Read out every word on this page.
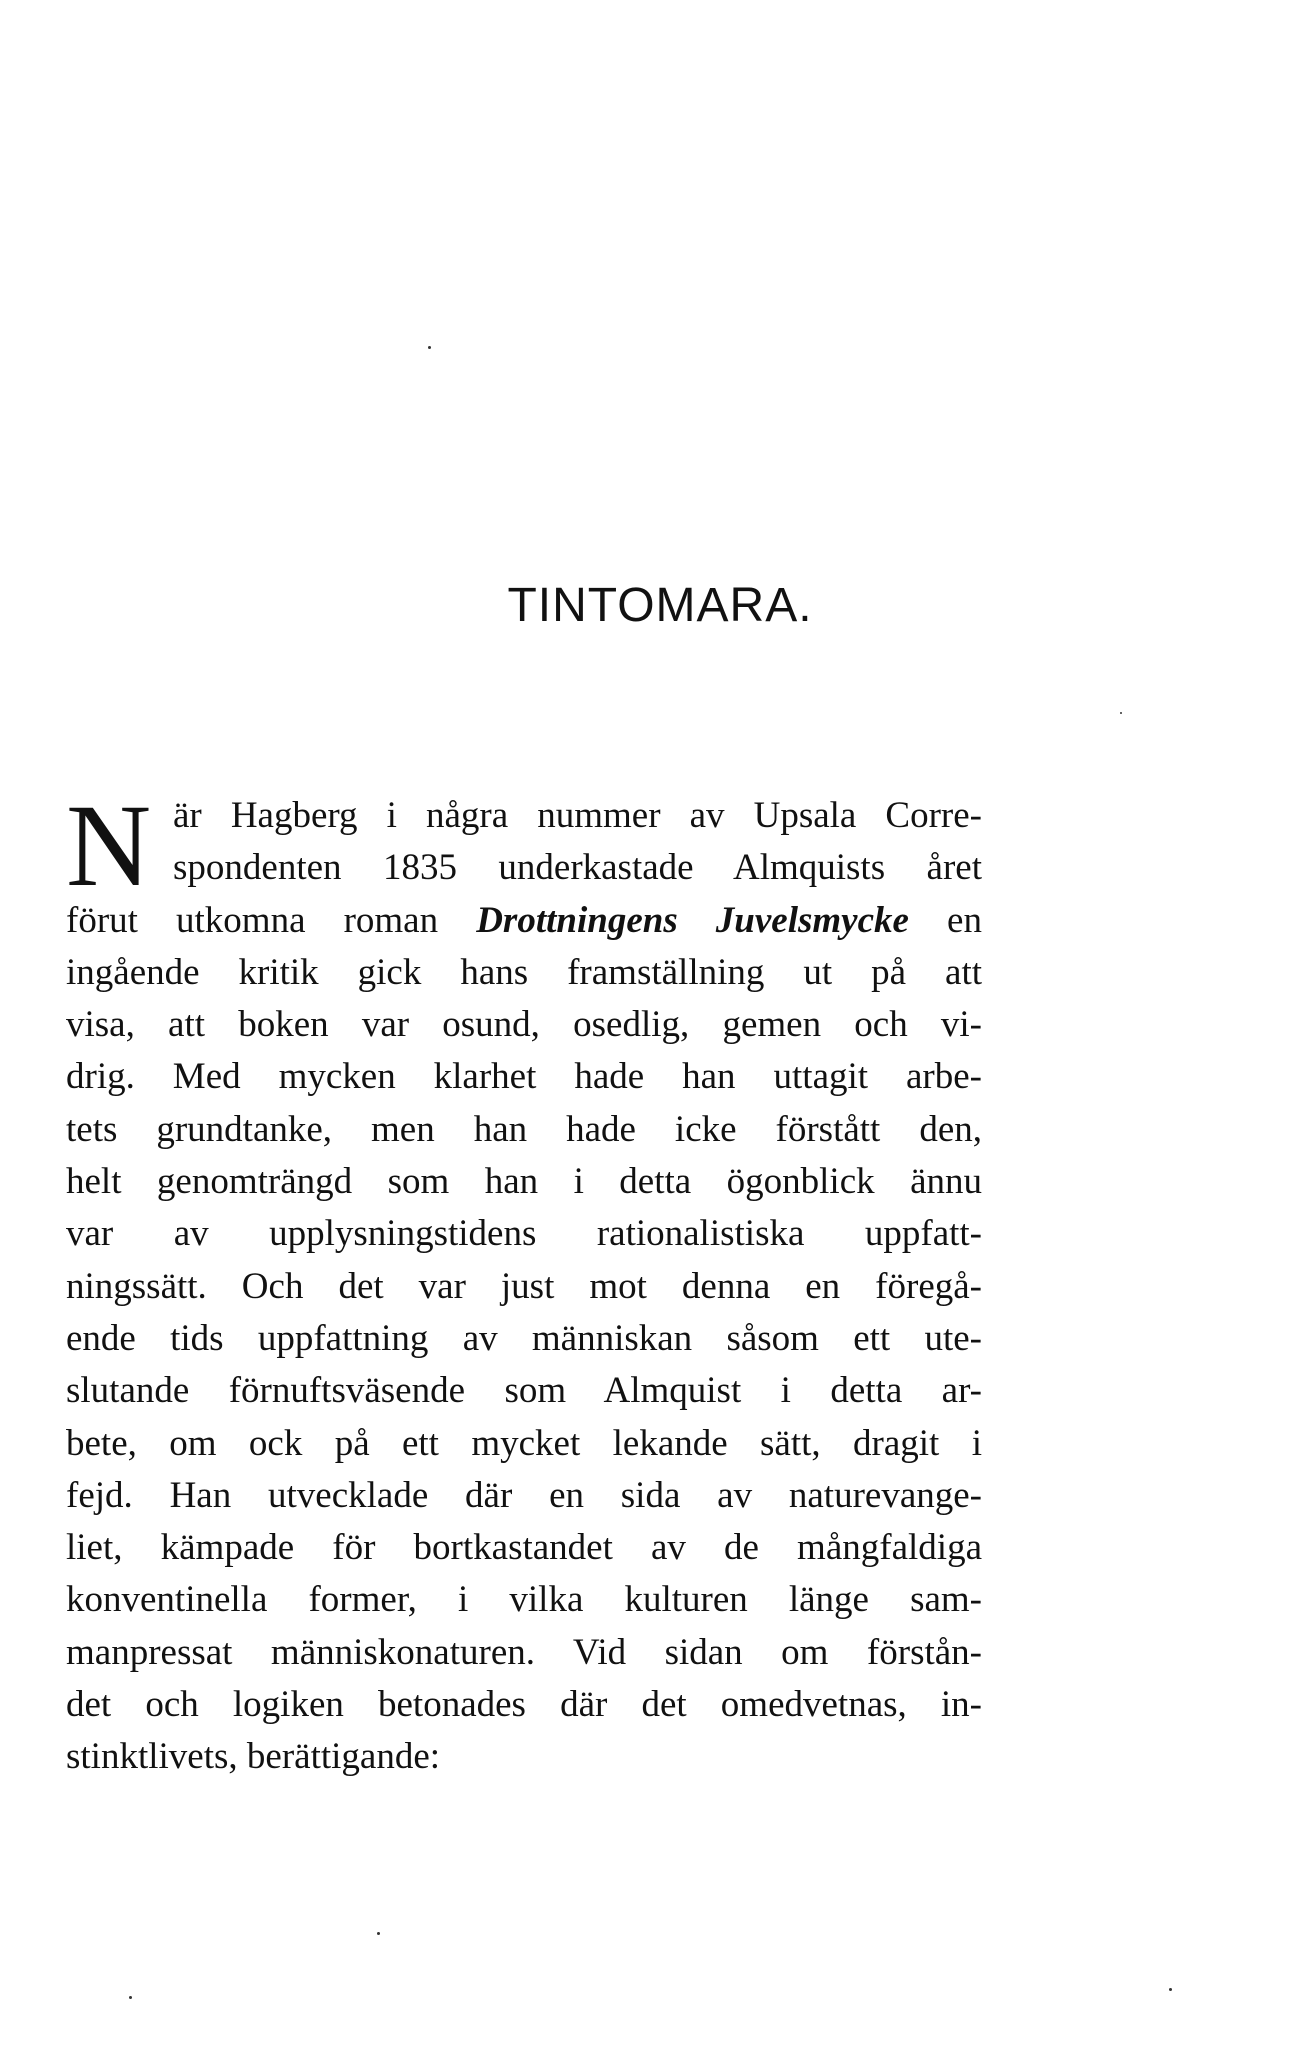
TINTOMARA.
N är Hagberg i några nummer av Upsala Corre-
spondenten 1835 underkastade Almquists året
förut utkomna roman Drottningens Juvelsmycke en
ingående kritik gick hans framställning ut på att
visa, att boken var osund, osedlig, gemen och vi-
drig. Med mycken klarhet hade han uttagit arbe-
tets grundtanke, men han hade icke förstått den,
helt genomträngd som han i detta ögonblick ännu
var av upplysningstidens rationalistiska uppfatt-
ningssätt. Och det var just mot denna en föregå-
ende tids uppfattning av människan såsom ett ute-
slutande förnuftsväsende som Almquist i detta ar-
bete, om ock på ett mycket lekande sätt, dragit i
fejd. Han utvecklade där en sida av naturevange-
liet, kämpade för bortkastandet av de mångfaldiga
konventinella former, i vilka kulturen länge sam-
manpressat människonaturen. Vid sidan om förstån-
det och logiken betonades där det omedvetnas, in-
stinktlivets, berättigande:
